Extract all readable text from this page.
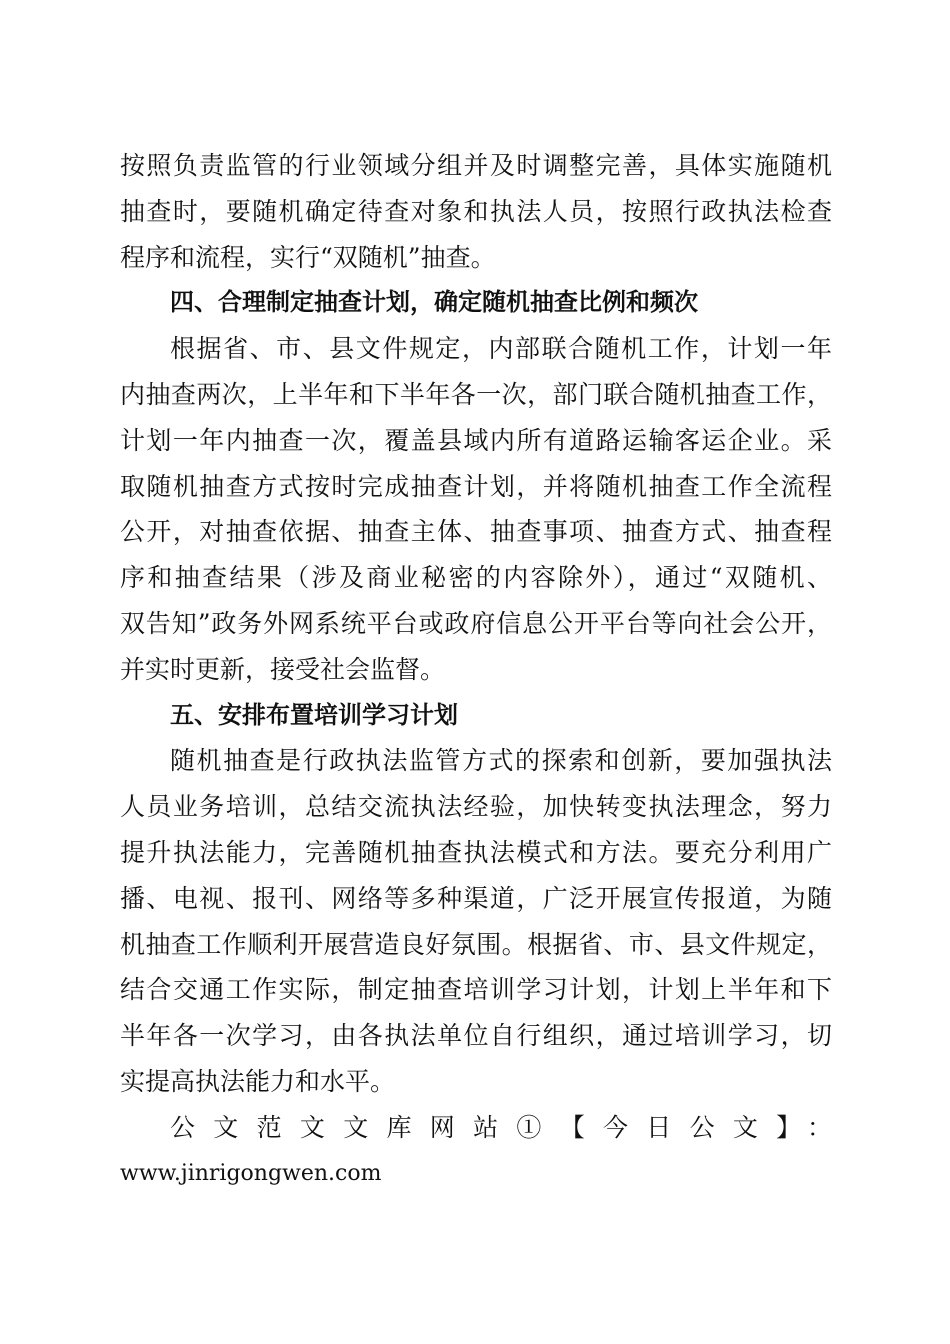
按照负责监管的行业领域分组并及时调整完善，具体实施随机
抽查时，要随机确定待查对象和执法人员，按照行政执法检查
程序和流程，实行“双随机”抽查。
四、合理制定抽查计划，确定随机抽查比例和频次
根据省、市、县文件规定，内部联合随机工作，计划一年
内抽查两次，上半年和下半年各一次，部门联合随机抽查工作，
计划一年内抽查一次，覆盖县域内所有道路运输客运企业。采
取随机抽查方式按时完成抽查计划，并将随机抽查工作全流程
公开，对抽查依据、抽查主体、抽查事项、抽查方式、抽查程
序和抽查结果（涉及商业秘密的内容除外），通过“双随机、
双告知”政务外网系统平台或政府信息公开平台等向社会公开，
并实时更新，接受社会监督。
五、安排布置培训学习计划
随机抽查是行政执法监管方式的探索和创新，要加强执法
人员业务培训，总结交流执法经验，加快转变执法理念，努力
提升执法能力，完善随机抽查执法模式和方法。要充分利用广
播、电视、报刊、网络等多种渠道，广泛开展宣传报道，为随
机抽查工作顺利开展营造良好氛围。根据省、市、县文件规定，
结合交通工作实际，制定抽查培训学习计划，计划上半年和下
半年各一次学习，由各执法单位自行组织，通过培训学习，切
实提高执法能力和水平。
公文范文文库网站①【今日公文】：
www.jinrigongwen.com
